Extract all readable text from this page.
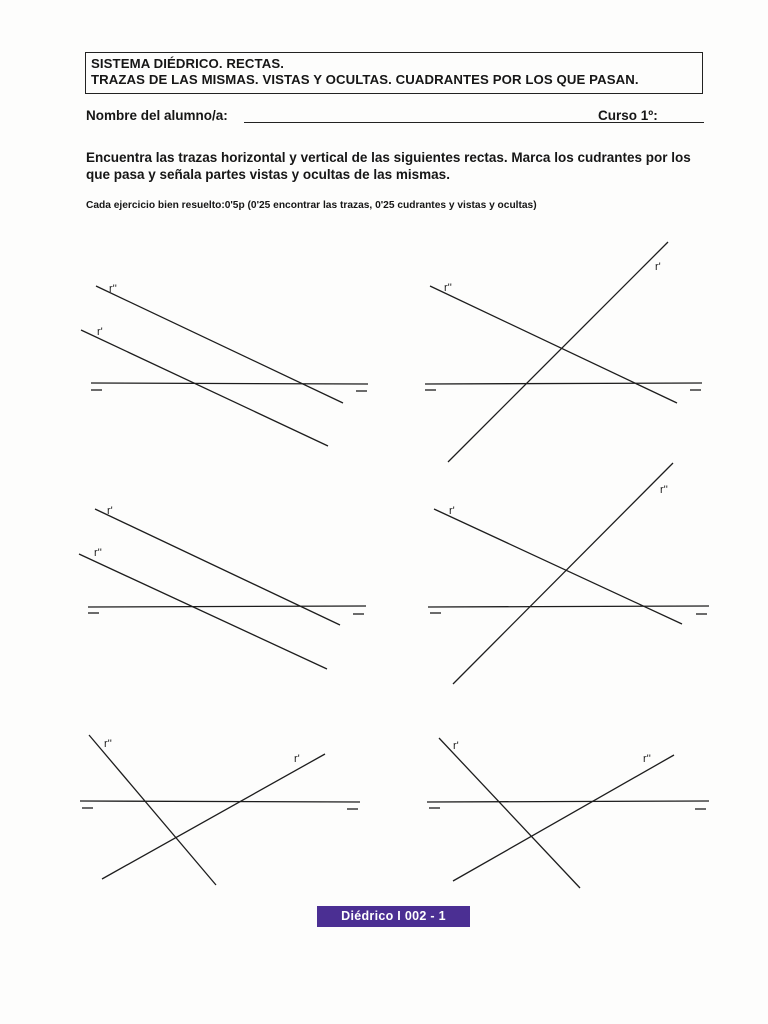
SISTEMA DIÉDRICO. RECTAS.
TRAZAS DE LAS MISMAS. VISTAS Y OCULTAS. CUADRANTES POR LOS QUE PASAN.
Nombre del alumno/a:	Curso 1º:
Encuentra las trazas horizontal y vertical de las siguientes rectas. Marca los cudrantes por los que pasa y señala partes vistas y ocultas de las mismas.
Cada ejercicio bien resuelto:0'5p (0'25 encontrar las trazas, 0'25 cudrantes y vistas y ocultas)
r''
r'
r''
r'
r'
r''
r'
r''
r''
r'
r'
r''
Diédrico I 002 - 1
